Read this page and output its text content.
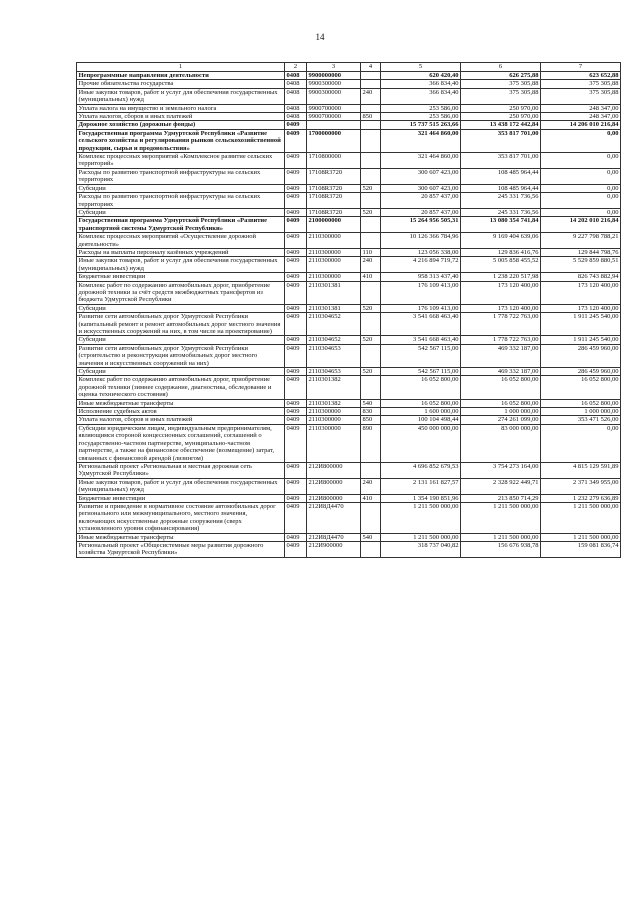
14
1	2	3	4	5	6	7
Непрограммные направления деятельности	0408	9900000000		620 420,40	626 275,88	623 652,88
Прочие обязательства государства	0408	9900300000		366 834,40	375 305,88	375 305,88
Иные закупки товаров, работ и услуг для обеспечения государственных (муниципальных) нужд	0408	9900300000	240	366 834,40	375 305,88	375 305,88
Уплата налога на имущество и земельного налога	0408	9900700000		253 586,00	250 970,00	248 347,00
Уплата налогов, сборов и иных платежей	0408	9900700000	850	253 586,00	250 970,00	248 347,00
Дорожное хозяйство (дорожные фонды)	0409			15 737 515 263,66	13 438 172 442,84	14 206 010 216,84
Государственная программа Удмуртской Республики «Развитие сельского хозяйства и регулирования рынков сельскохозяйственной продукции, сырья и продовольствия»	0409	1700000000		321 464 860,00	353 817 701,00	0,00
Комплекс процессных мероприятий «Комплексное развитие сельских территорий»	0409	1710800000		321 464 860,00	353 817 701,00	0,00
Расходы по развитию транспортной инфраструктуры на сельских территориях	0409	17108R3720		300 607 423,00	108 485 964,44	0,00
Субсидии	0409	17108R3720	520	300 607 423,00	108 485 964,44	0,00
Расходы по развитию транспортной инфраструктуры на сельских территориях	0409	17108R3720		20 857 437,00	245 331 736,56	0,00
Субсидии	0409	17108R3720	520	20 857 437,00	245 331 736,56	0,00
Государственная программа Удмуртской Республики «Развитие транспортной системы Удмуртской Республики»	0409	2100000000		15 264 956 505,31	13 080 354 741,84	14 202 010 216,84
Комплекс процессных мероприятий «Осуществление дорожной деятельности»	0409	2110300000		10 126 366 784,96	9 169 404 639,06	9 227 798 788,21
Расходы на выплаты персоналу казённых учреждений	0409	2110300000	110	123 056 338,00	129 836 416,76	129 844 798,76
Иные закупки товаров, работ и услуг для обеспечения государственных (муниципальных) нужд	0409	2110300000	240	4 216 894 719,72	5 005 858 455,52	5 529 859 880,51
Бюджетные инвестиции	0409	2110300000	410	958 313 437,40	1 238 220 517,98	826 743 882,94
Комплекс работ по содержанию автомобильных дорог, приобретение дорожной техники за счёт средств межбюджетных трансфертов из бюджета Удмуртской Республики	0409	2110301381		176 109 413,00	173 120 400,00	173 120 400,00
Субсидии	0409	2110301381	520	176 109 413,00	173 120 400,00	173 120 400,00
Развитие сети автомобильных дорог Удмуртской Республики (капитальный ремонт и ремонт автомобильных дорог местного значения и искусственных сооружений на них, в том числе на проектирование)	0409	2110304652		3 541 668 463,40	1 778 722 763,00	1 911 245 540,00
Субсидии	0409	2110304652	520	3 541 668 463,40	1 778 722 763,00	1 911 245 540,00
Развитие сети автомобильных дорог Удмуртской Республики (строительство и реконструкция автомобильных дорог местного значения и искусственных сооружений на них)	0409	2110304653		542 567 115,00	469 332 187,00	286 459 960,00
Субсидии	0409	2110304653	520	542 567 115,00	469 332 187,00	286 459 960,00
Комплекс работ по содержанию автомобильных дорог, приобретение дорожной техники (зимнее содержание, диагностика, обследование и оценка технического состояния)	0409	2110301382		16 052 800,00	16 052 800,00	16 052 800,00
Иные межбюджетные трансферты	0409	2110301382	540	16 052 800,00	16 052 800,00	16 052 800,00
Исполнение судебных актов	0409	2110300000	830	1 600 000,00	1 000 000,00	1 000 000,00
Уплата налогов, сборов и иных платежей	0409	2110300000	850	100 104 498,44	274 261 099,00	353 471 526,00
Субсидии юридическим лицам, индивидуальным предпринимателям, являющимся стороной концессионных соглашений, соглашений о государственно-частном партнерстве, муниципально-частном партнерстве, а также на финансовое обеспечение (возмещение) затрат, связанных с финансовой арендой (лизингом)	0409	2110300000	890	450 000 000,00	83 000 000,00	0,00
Региональный проект «Региональная и местная дорожная сеть Удмуртской Республики»	0409	212И800000		4 696 852 679,53	3 754 273 164,00	4 815 129 591,89
Иные закупки товаров, работ и услуг для обеспечения государственных (муниципальных) нужд	0409	212И800000	240	2 131 161 827,57	2 328 922 449,71	2 371 349 955,00
Бюджетные инвестиции	0409	212И800000	410	1 354 190 851,96	213 850 714,29	1 232 279 636,89
Развитие и приведение в нормативное состояние автомобильных дорог регионального или межмуниципального, местного значения, включающих искусственные дорожные сооружения (сверх установленного уровня софинансирования)	0409	212И8Д4470		1 211 500 000,00	1 211 500 000,00	1 211 500 000,00
Иные межбюджетные трансферты	0409	212И8Д4470	540	1 211 500 000,00	1 211 500 000,00	1 211 500 000,00
Региональный проект «Общесистемные меры развития дорожного хозяйства Удмуртской Республики»	0409	212И900000		318 737 040,82	156 676 938,78	159 081 836,74
